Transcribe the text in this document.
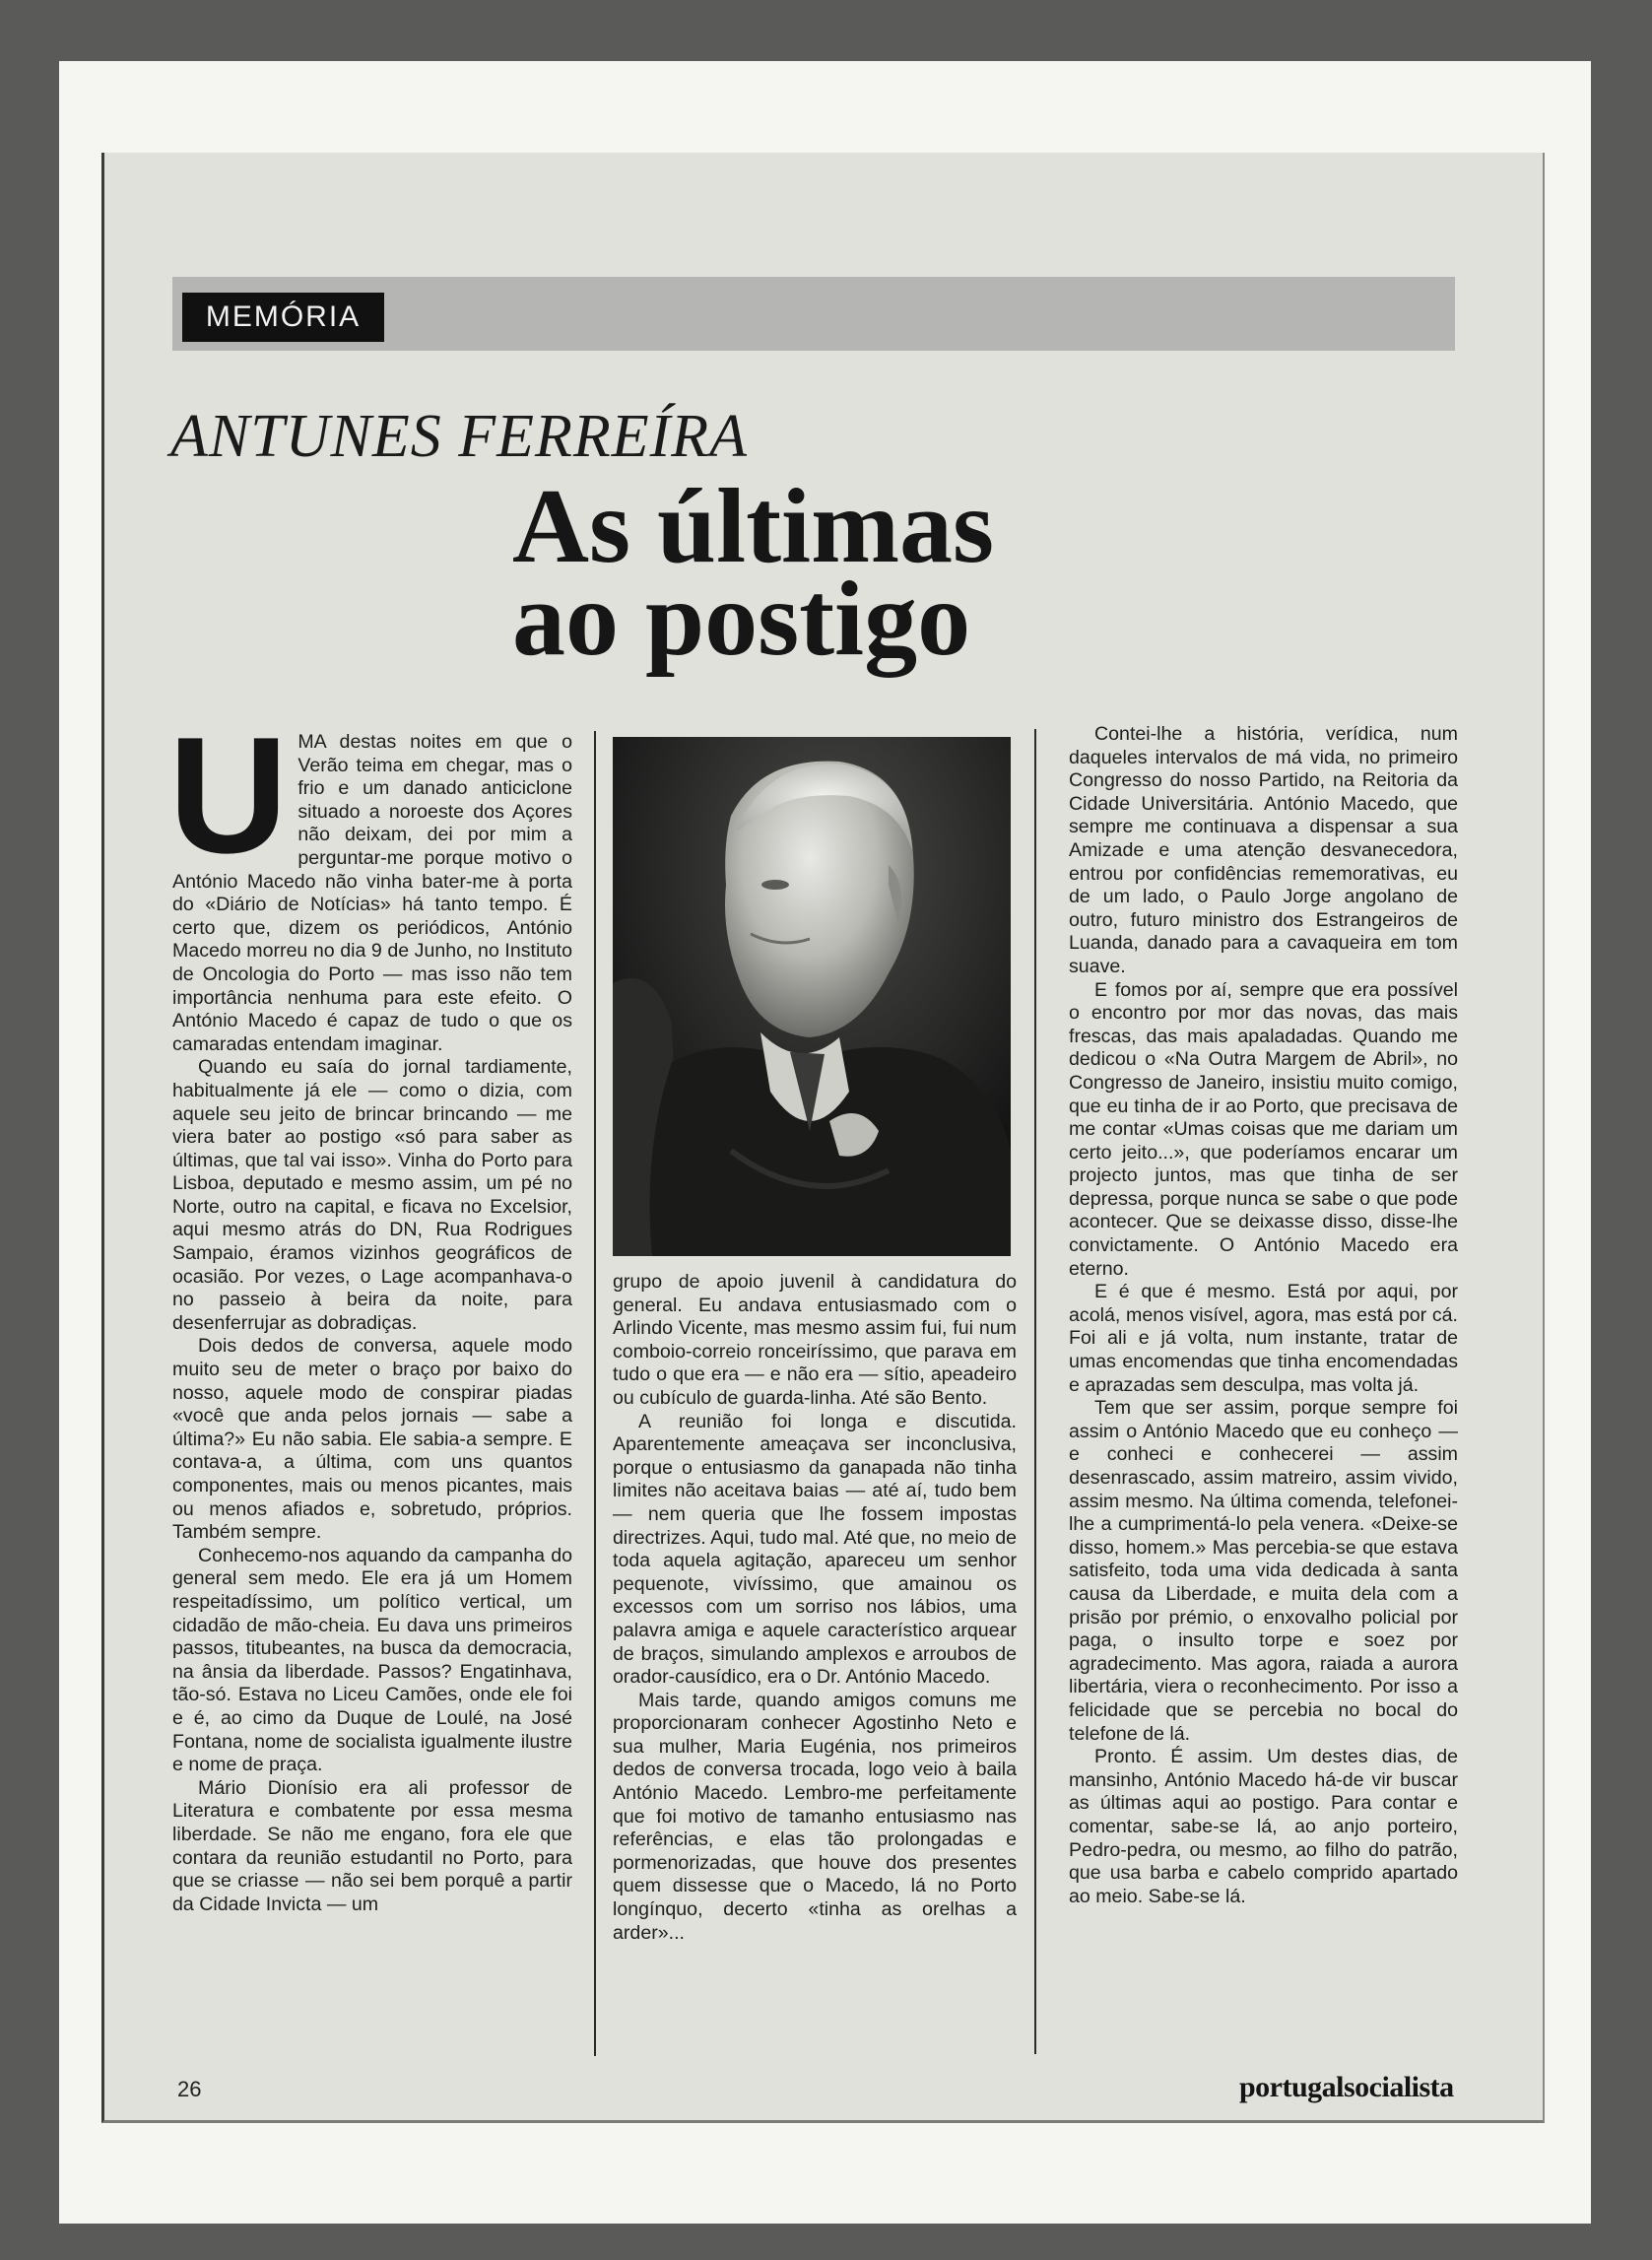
MEMÓRIA
ANTUNES FERREÍRA
As últimas
ao postigo
U MA destas noites em que o Verão teima em chegar, mas o frio e um danado anticiclone situado a noroeste dos Açores não deixam, dei por mim a perguntar-me porque motivo o António Macedo não vinha bater-me à porta do «Diário de Notícias» há tanto tempo. É certo que, dizem os periódicos, António Macedo morreu no dia 9 de Junho, no Instituto de Oncologia do Porto — mas isso não tem importância nenhuma para este efeito. O António Macedo é capaz de tudo o que os camaradas entendam imaginar.

Quando eu saía do jornal tardiamente, habitualmente já ele — como o dizia, com aquele seu jeito de brincar brincando — me viera bater ao postigo «só para saber as últimas, que tal vai isso». Vinha do Porto para Lisboa, deputado e mesmo assim, um pé no Norte, outro na capital, e ficava no Excelsior, aqui mesmo atrás do DN, Rua Rodrigues Sampaio, éramos vizinhos geográficos de ocasião. Por vezes, o Lage acompanhava-o no passeio à beira da noite, para desenferrujar as dobradiças.

Dois dedos de conversa, aquele modo muito seu de meter o braço por baixo do nosso, aquele modo de conspirar piadas «você que anda pelos jornais — sabe a última?» Eu não sabia. Ele sabia-a sempre. E contava-a, a última, com uns quantos componentes, mais ou menos picantes, mais ou menos afiados e, sobretudo, próprios. Também sempre.

Conhecemo-nos aquando da campanha do general sem medo. Ele era já um Homem respeitadíssimo, um político vertical, um cidadão de mão-cheia. Eu dava uns primeiros passos, titubeantes, na busca da democracia, na ânsia da liberdade. Passos? Engatinhava, tão-só. Estava no Liceu Camões, onde ele foi e é, ao cimo da Duque de Loulé, na José Fontana, nome de socialista igualmente ilustre e nome de praça.

Mário Dionísio era ali professor de Literatura e combatente por essa mesma liberdade. Se não me engano, fora ele que contara da reunião estudantil no Porto, para que se criasse — não sei bem porquê a partir da Cidade Invicta — um

grupo de apoio juvenil à candidatura do general. Eu andava entusiasmado com o Arlindo Vicente, mas mesmo assim fui, fui num comboio-correio ronceiríssimo, que parava em tudo o que era — e não era — sítio, apeadeiro ou cubículo de guarda-linha. Até são Bento.

A reunião foi longa e discutida. Aparentemente ameaçava ser inconclusiva, porque o entusiasmo da ganapada não tinha limites não aceitava baias — até aí, tudo bem — nem queria que lhe fossem impostas directrizes. Aqui, tudo mal. Até que, no meio de toda aquela agitação, apareceu um senhor pequenote, vivíssimo, que amainou os excessos com um sorriso nos lábios, uma palavra amiga e aquele característico arquear de braços, simulando amplexos e arroubos de orador-causídico, era o Dr. António Macedo.

Mais tarde, quando amigos comuns me proporcionaram conhecer Agostinho Neto e sua mulher, Maria Eugénia, nos primeiros dedos de conversa trocada, logo veio à baila António Macedo. Lembro-me perfeitamente que foi motivo de tamanho entusiasmo nas referências, e elas tão prolongadas e pormenorizadas, que houve dos presentes quem dissesse que o Macedo, lá no Porto longínquo, decerto «tinha as orelhas a arder»...

Contei-lhe a história, verídica, num daqueles intervalos de má vida, no primeiro Congresso do nosso Partido, na Reitoria da Cidade Universitária. António Macedo, que sempre me continuava a dispensar a sua Amizade e uma atenção desvanecedora, entrou por confidências rememorativas, eu de um lado, o Paulo Jorge angolano de outro, futuro ministro dos Estrangeiros de Luanda, danado para a cavaqueira em tom suave.

E fomos por aí, sempre que era possível o encontro por mor das novas, das mais frescas, das mais apaladadas. Quando me dedicou o «Na Outra Margem de Abril», no Congresso de Janeiro, insistiu muito comigo, que eu tinha de ir ao Porto, que precisava de me contar «Umas coisas que me dariam um certo jeito...», que poderíamos encarar um projecto juntos, mas que tinha de ser depressa, porque nunca se sabe o que pode acontecer. Que se deixasse disso, disse-lhe convictamente. O António Macedo era eterno.

E é que é mesmo. Está por aqui, por acolá, menos visível, agora, mas está por cá. Foi ali e já volta, num instante, tratar de umas encomendas que tinha encomendadas e aprazadas sem desculpa, mas volta já.

Tem que ser assim, porque sempre foi assim o António Macedo que eu conheço — e conheci e conhecerei — assim desenrascado, assim matreiro, assim vivido, assim mesmo. Na última comenda, telefonei-lhe a cumprimentá-lo pela venera. «Deixe-se disso, homem.» Mas percebia-se que estava satisfeito, toda uma vida dedicada à santa causa da Liberdade, e muita dela com a prisão por prémio, o enxovalho policial por paga, o insulto torpe e soez por agradecimento. Mas agora, raiada a aurora libertária, viera o reconhecimento. Por isso a felicidade que se percebia no bocal do telefone de lá.

Pronto. É assim. Um destes dias, de mansinho, António Macedo há-de vir buscar as últimas aqui ao postigo. Para contar e comentar, sabe-se lá, ao anjo porteiro, Pedro-pedra, ou mesmo, ao filho do patrão, que usa barba e cabelo comprido apartado ao meio. Sabe-se lá.

26	portugalsocialista
